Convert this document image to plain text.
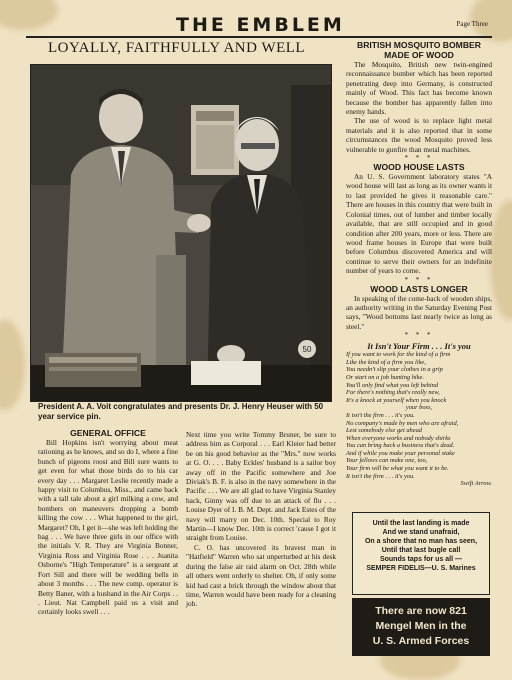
THE EMBLEM	Page Three
LOYALLY, FAITHFULLY AND WELL
50
President A. A. Voit congratulates and presents Dr. J. Henry Heuser with 50 year service pin.
BRITISH MOSQUITO BOMBER
MADE OF WOOD

The Mosquito, British new twin-engined reconnaissance bomber which has been reported penetrating deep into Germany, is constructed mainly of Wood. This fact has become known because the bomber has apparently fallen into enemy hands.

The use of wood is to replace light metal materials and it is also reported that in some circumstances the wood Mosquito proved less vulnerable to gunfire than metal machines.

* * *
WOOD HOUSE LASTS

An U. S. Government laboratory states "A wood house will last as long as its owner wants it to last provided he gives it reasonable care." There are houses in this country that were built in Colonial times, out of lumber and timber locally available, that are still occupied and in good condition after 200 years, more or less. There are wood frame houses in Europe that were built before Columbus discovered America and will continue to serve their owners for an indefinite number of years to come.

* * *
WOOD LASTS LONGER

In speaking of the come-back of wooden ships, an authority writing in the Saturday Evening Post says, "Wood bottoms last nearly twice as long as steel."

* * *
It Isn't Your Firm . . . It's you
If you want to work for the kind of a firm
Like the kind of a firm you like,
You needn't slip your clothes in a grip
Or start on a job hunting hike.
You'll only find what you left behind
For there's nothing that's really new,
It's a knock at yourself when you knock
your boss,
It isn't the firm . . . it's you.
No company's made by men who are afraid,
Lest somebody else get ahead
When everyone works and nobody shirks
You can bring back a business that's dead.
And if while you make your personal stake
Your fellows can make one, too,
Your firm will be what you want it to be.
It isn't the firm . . . it's you.
Swift Arrow.
GENERAL OFFICE

Bill Hopkins isn't worrying about meat rationing as he knows, and so do I, where a fine bunch of pigeons roost and Bill sure wants to get even for what those birds do to his car every day . . . Margaret Leslie recently made a happy visit to Columbus, Miss., and came back with a tall tale about a girl milking a cow, and bombers on maneuvers dropping a bomb killing the cow . . . What happened to the girl, Margaret? Oh, I get it—she was left holding the bag . . . We have three girls in our office with the initials V. R. They are Virginia Bonner, Virginia Ross and Virginia Rose . . . Juanita Osborne's "High Temperature" is a sergeant at Fort Sill and there will be wedding bells in about 3 months . . . The new comp. operator is Betty Baner, with a husband in the Air Corps . . . Lieut. Nat Campbell paid us a visit and certainly looks swell . . .

Next time you write Tommy Bruner, be sure to address him as Corporal . . . Earl Kleier had better be on his good behavior as the "Mrs." now works at G. O. . . . Baby Eckles' husband is a sailor boy away off in the Pacific somewhere and Joe Diviak's B. F. is also in the navy somewhere in the Pacific . . . We are all glad to have Virginia Stanley back, Ginny was off due to an attack of flu . . . Louise Dyer of I. B. M. Dept. and Jack Estes of the navy will marry on Dec. 10th. Special to Roy Martin—I know Dec. 10th is correct 'cause I got it straight from Louise.

C. O. has uncovered its bravest man in "Hatfield" Warren who sat unperturbed at his desk during the false air raid alarm on Oct. 28th while all others went orderly to shelter. Oh, if only some kid had cast a brick through the window about that time, Warren would have been ready for a cleaning job.

Until the last landing is made
And we stand unafraid,
On a shore that no man has seen,
Until that last bugle call
Sounds taps for us all —
SEMPER FIDELIS—U. S. Marines
There are now 821
Mengel Men in the
U. S. Armed Forces
